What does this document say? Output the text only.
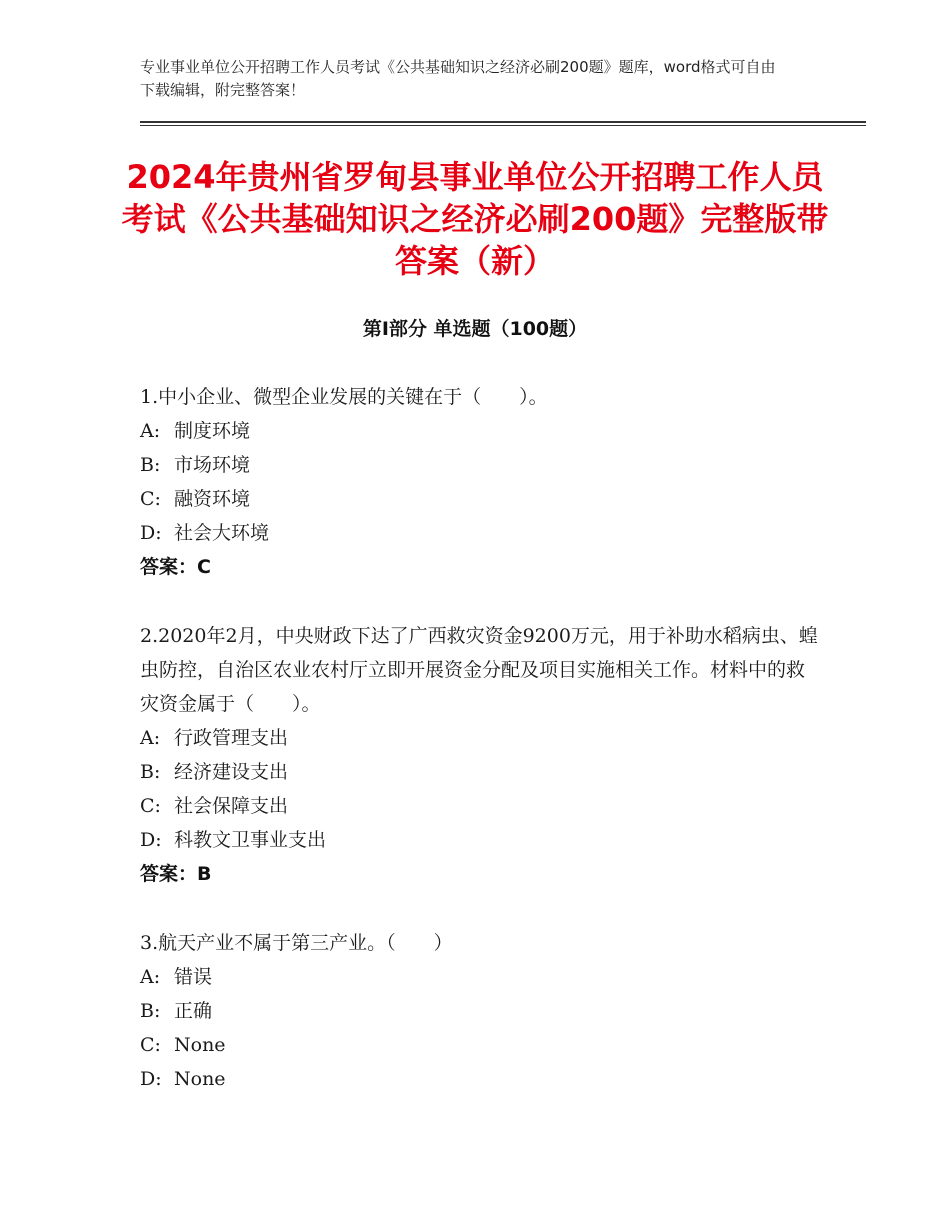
专业事业单位公开招聘工作人员考试《公共基础知识之经济必刷200题》题库，word格式可自由下载编辑，附完整答案！
2024年贵州省罗甸县事业单位公开招聘工作人员考试《公共基础知识之经济必刷200题》完整版带答案（新）
第Ⅰ部分 单选题（100题）
1.中小企业、微型企业发展的关键在于（　　）。
A: 制度环境
B: 市场环境
C: 融资环境
D: 社会大环境
答案：C
2.2020年2月，中央财政下达了广西救灾资金9200万元，用于补助水稻病虫、蝗虫防控，自治区农业农村厅立即开展资金分配及项目实施相关工作。材料中的救灾资金属于（　　）。
A: 行政管理支出
B: 经济建设支出
C: 社会保障支出
D: 科教文卫事业支出
答案：B
3.航天产业不属于第三产业。（　　）
A: 错误
B: 正确
C: None
D: None
